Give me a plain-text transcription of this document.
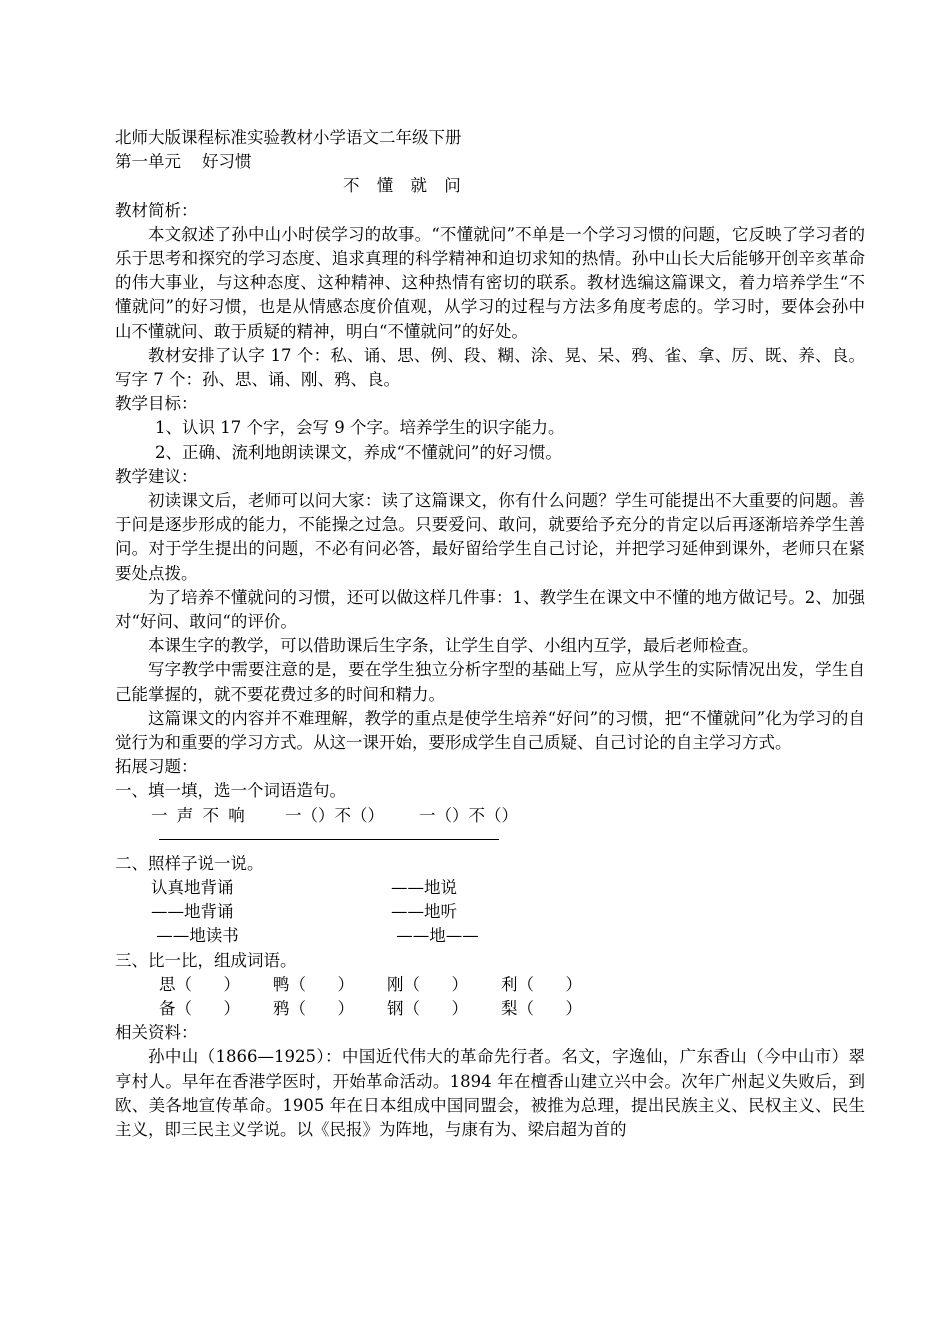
北师大版课程标准实验教材小学语文二年级下册
第一单元    好习惯
不 懂 就 问
教材简析：
本文叙述了孙中山小时侯学习的故事。“不懂就问”不单是一个学习习惯的问题，它反映了学习者的乐于思考和探究的学习态度、追求真理的科学精神和迫切求知的热情。孙中山长大后能够开创辛亥革命的伟大事业，与这种态度、这种精神、这种热情有密切的联系。教材选编这篇课文，着力培养学生“不懂就问”的好习惯，也是从情感态度价值观，从学习的过程与方法多角度考虑的。学习时，要体会孙中山不懂就问、敢于质疑的精神，明白“不懂就问”的好处。
教材安排了认字 17 个：私、诵、思、例、段、糊、涂、晃、呆、鸦、雀、拿、厉、既、养、良。写字 7 个：孙、思、诵、刚、鸦、良。
教学目标：
1、认识 17 个字，会写 9 个字。培养学生的识字能力。
2、正确、流利地朗读课文，养成“不懂就问”的好习惯。
教学建议：
初读课文后，老师可以问大家：读了这篇课文，你有什么问题？学生可能提出不大重要的问题。善于问是逐步形成的能力，不能操之过急。只要爱问、敢问，就要给予充分的肯定以后再逐渐培养学生善问。对于学生提出的问题，不必有问必答，最好留给学生自己讨论，并把学习延伸到课外，老师只在紧要处点拨。
为了培养不懂就问的习惯，还可以做这样几件事：1、教学生在课文中不懂的地方做记号。2、加强对“好问、敢问“的评价。
本课生字的教学，可以借助课后生字条，让学生自学、小组内互学，最后老师检查。
写字教学中需要注意的是，要在学生独立分析字型的基础上写，应从学生的实际情况出发，学生自己能掌握的，就不要花费过多的时间和精力。
这篇课文的内容并不难理解，教学的重点是使学生培养“好问”的习惯，把“不懂就问”化为学习的自觉行为和重要的学习方式。从这一课开始，要形成学生自己质疑、自己讨论的自主学习方式。
拓展习题：
一、填一填，选一个词语造句。
一 声 不 响	一（）不（）	一（）不（）
二、照样子说一说。
认真地背诵	——地说
——地背诵	——地听
——地读书	——地——
三、比一比，组成词语。
思（      ）	鸭（      ）	刚（      ）	利（      ）
备（      ）	鸦（      ）	钢（      ）	梨（      ）
相关资料：
孙中山（1866—1925）：中国近代伟大的革命先行者。名文，字逸仙，广东香山（今中山市）翠亨村人。早年在香港学医时，开始革命活动。1894 年在檀香山建立兴中会。次年广州起义失败后，到欧、美各地宣传革命。1905 年在日本组成中国同盟会，被推为总理，提出民族主义、民权主义、民生主义，即三民主义学说。以《民报》为阵地，与康有为、梁启超为首的
